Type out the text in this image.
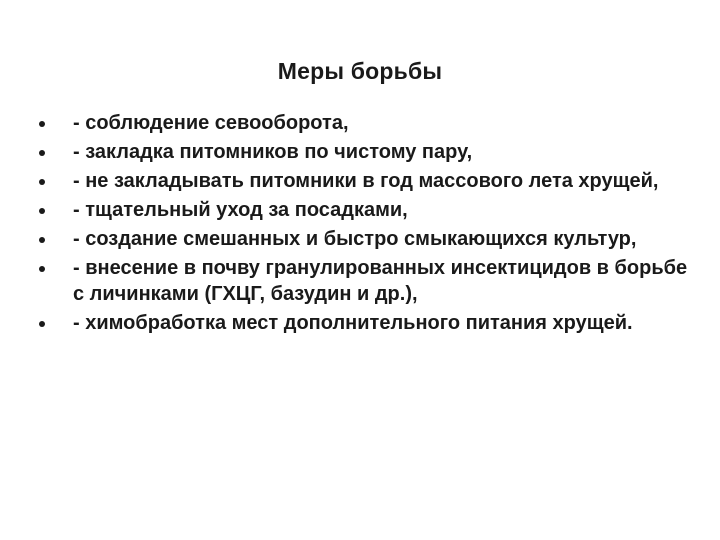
Меры борьбы
- соблюдение севооборота,
- закладка питомников по чистому пару,
- не закладывать питомники в год массового лета хрущей,
- тщательный уход за посадками,
- создание смешанных и быстро смыкающихся культур,
- внесение в почву гранулированных инсектицидов в борьбе с личинками (ГХЦГ, базудин и др.),
- химобработка мест дополнительного питания хрущей.
